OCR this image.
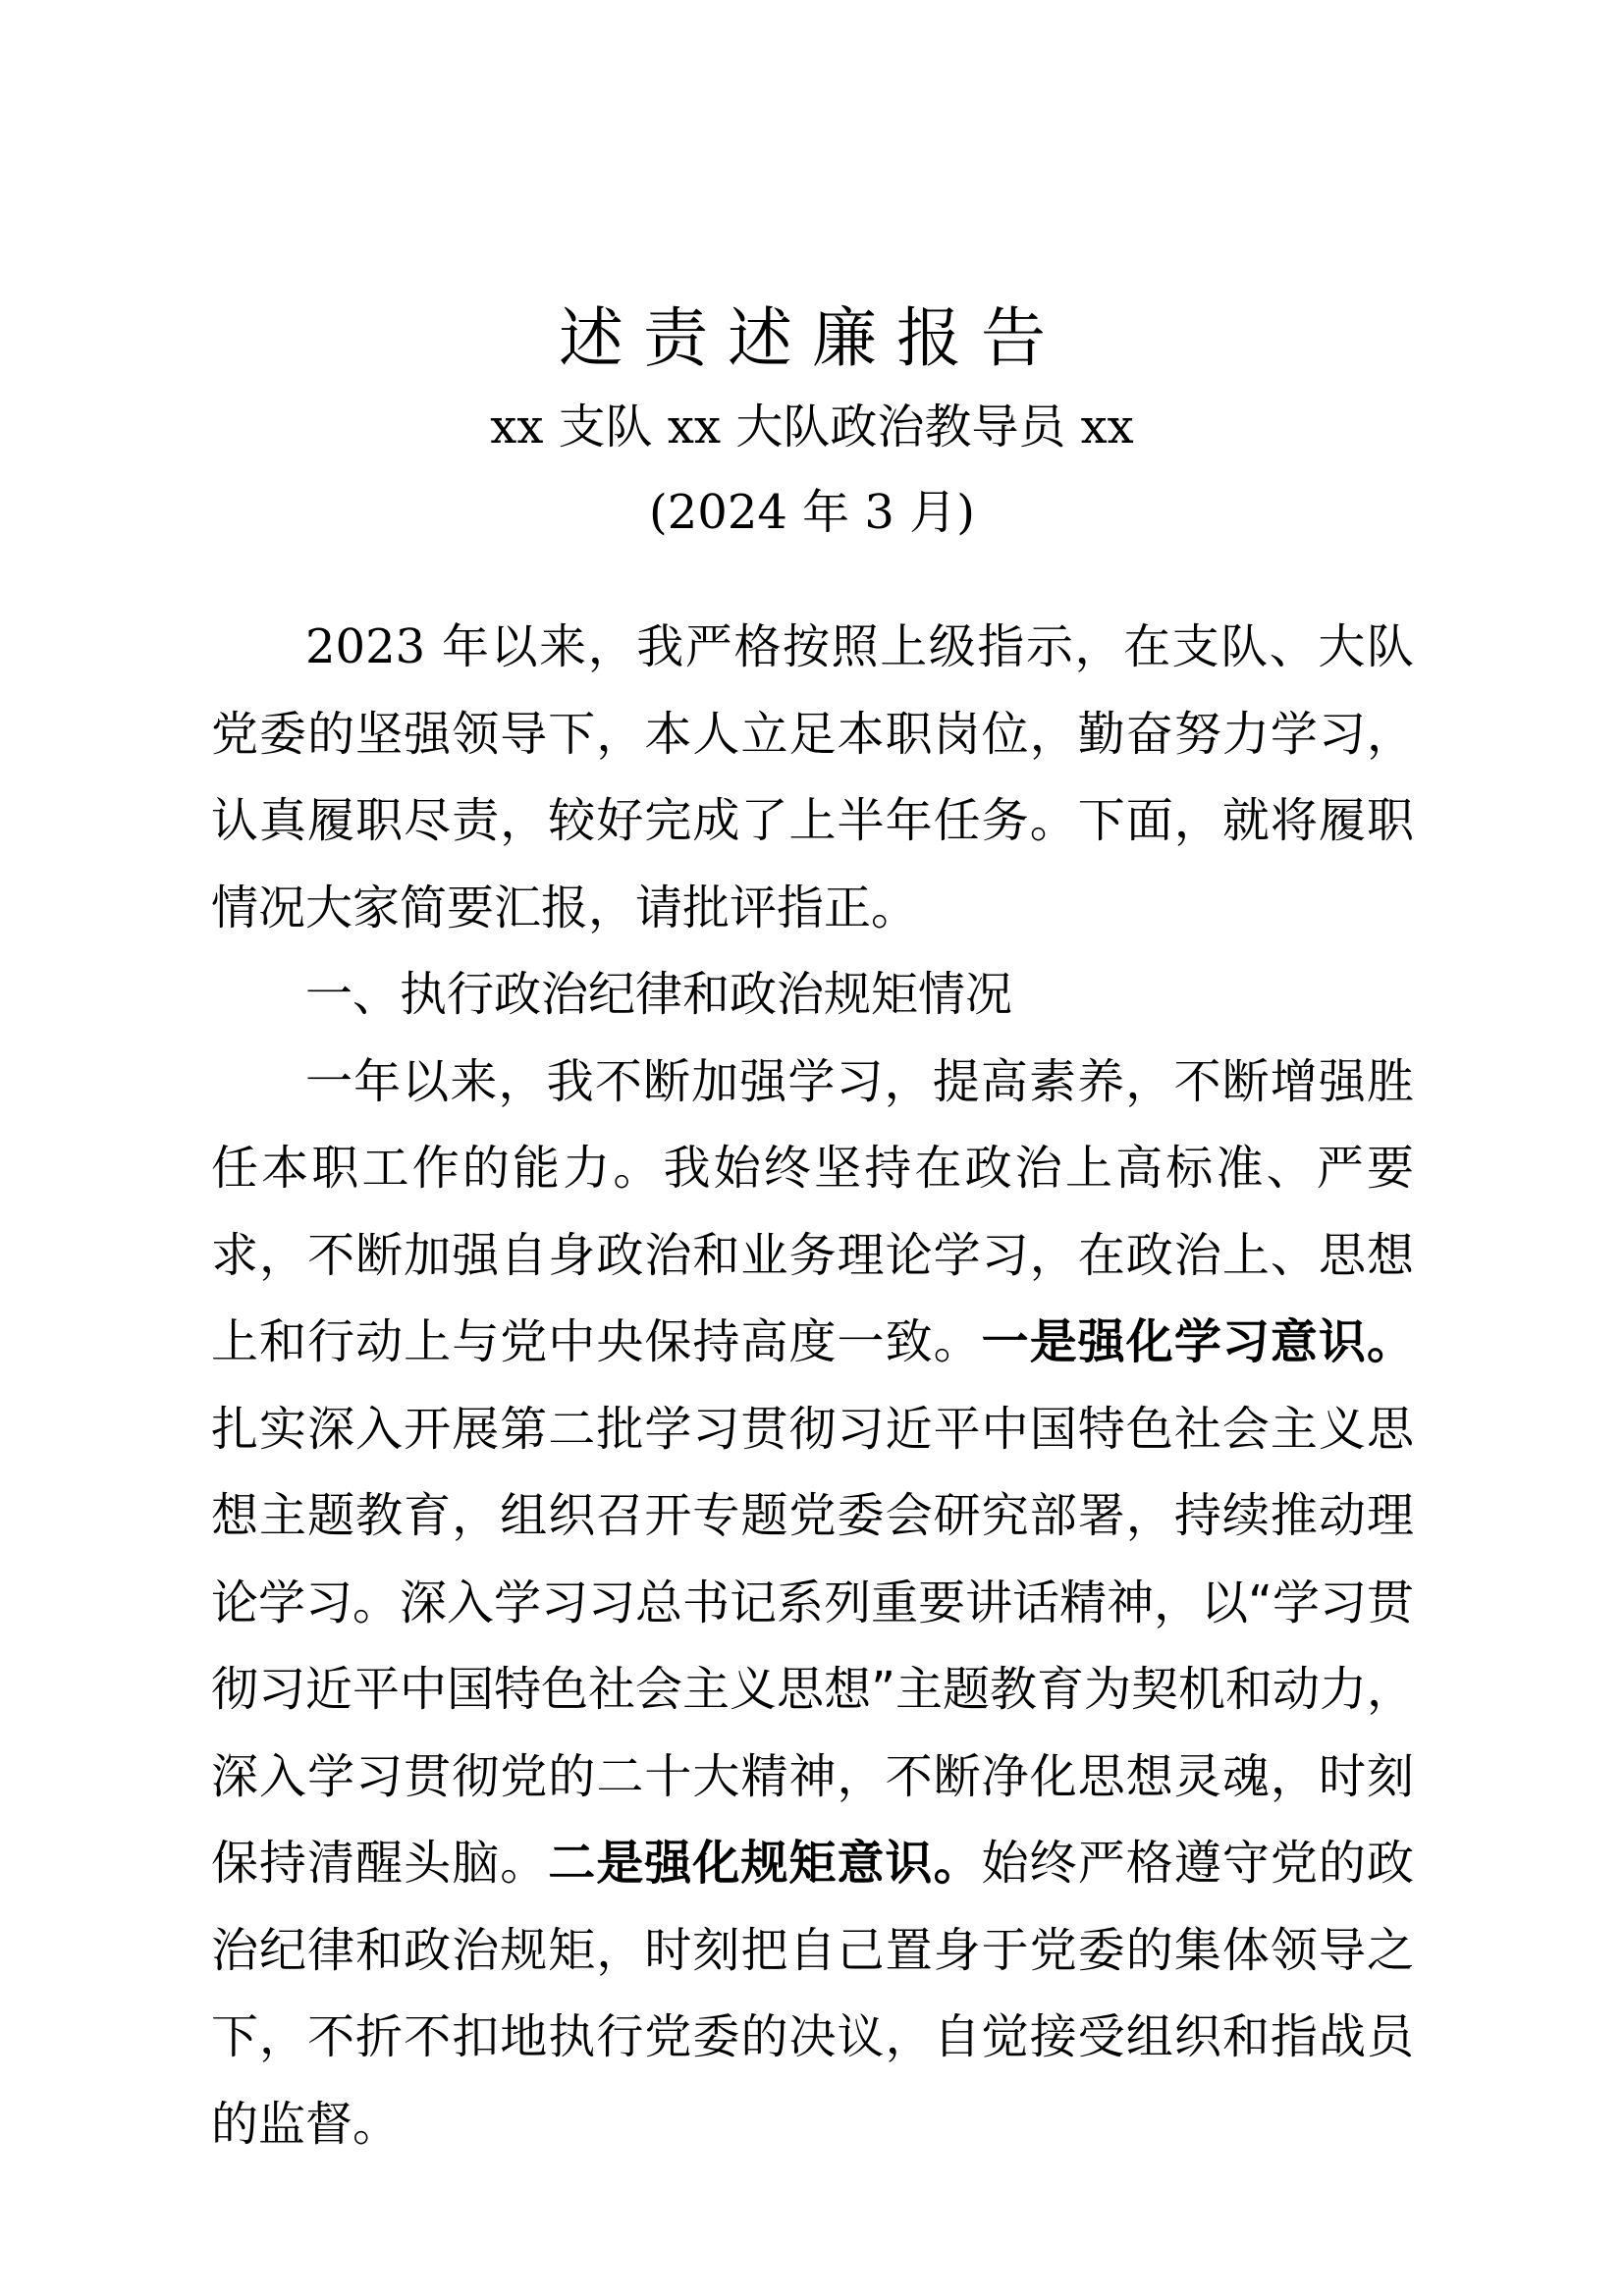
述责述廉报告
xx 支队 xx 大队政治教导员 xx
(2024 年 3 月)

2023 年以来，我严格按照上级指示，在支队、大队党委的坚强领导下，本人立足本职岗位，勤奋努力学习，认真履职尽责，较好完成了上半年任务。下面，就将履职情况大家简要汇报，请批评指正。

一、执行政治纪律和政治规矩情况

一年以来，我不断加强学习，提高素养，不断增强胜任本职工作的能力。我始终坚持在政治上高标准、严要求，不断加强自身政治和业务理论学习，在政治上、思想上和行动上与党中央保持高度一致。一是强化学习意识。扎实深入开展第二批学习贯彻习近平中国特色社会主义思想主题教育，组织召开专题党委会研究部署，持续推动理论学习。深入学习习总书记系列重要讲话精神，以“学习贯彻习近平中国特色社会主义思想”主题教育为契机和动力，深入学习贯彻党的二十大精神，不断净化思想灵魂，时刻保持清醒头脑。二是强化规矩意识。始终严格遵守党的政治纪律和政治规矩，时刻把自己置身于党委的集体领导之下，不折不扣地执行党委的决议，自觉接受组织和指战员的监督。
